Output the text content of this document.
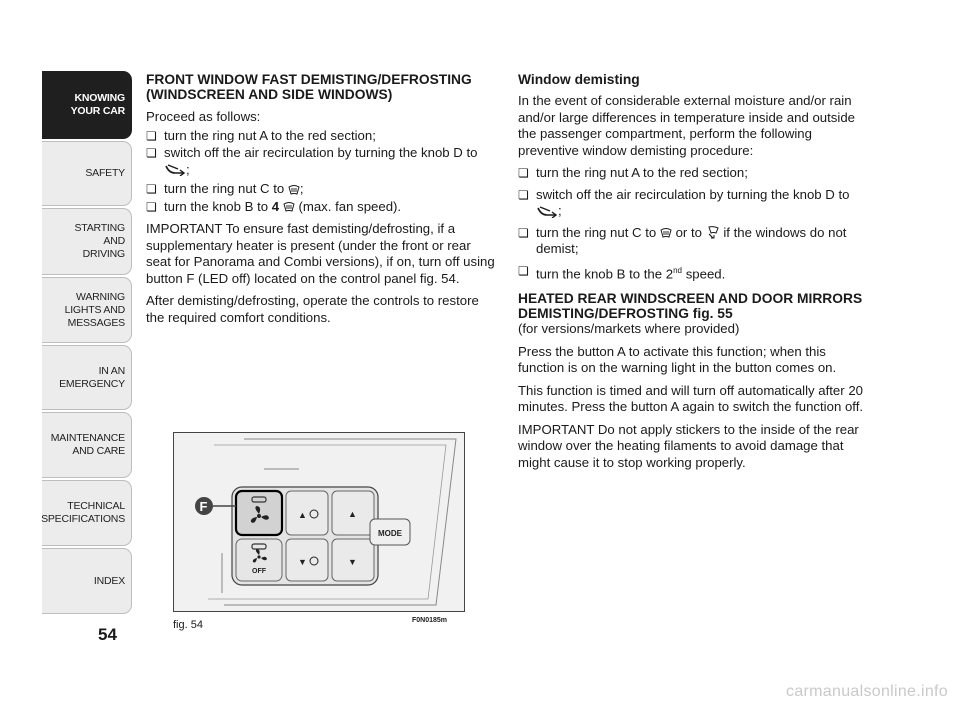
KNOWING
YOUR CAR
SAFETY
STARTING
AND
DRIVING
WARNING
LIGHTS AND
MESSAGES
IN AN
EMERGENCY
MAINTENANCE
AND CARE
TECHNICAL
SPECIFICATIONS
INDEX
54

FRONT WINDOW FAST DEMISTING/DEFROSTING (WINDSCREEN AND SIDE WINDOWS)

Proceed as follows:

❏ turn the ring nut A to the red section;
❏ switch off the air recirculation by turning the knob D to ;
❏ turn the ring nut C to ;
❏ turn the knob B to 4 (max. fan speed).

IMPORTANT To ensure fast demisting/defrosting, if a supplementary heater is present (under the front or rear seat for Panorama and Combi versions), if on, turn off using button F (LED off) located on the control panel fig. 54.

After demisting/defrosting, operate the controls to restore the required comfort conditions.

Window demisting

In the event of considerable external moisture and/or rain and/or large differences in temperature inside and outside the passenger compartment, perform the following preventive window demisting procedure:

❏ turn the ring nut A to the red section;
❏ switch off the air recirculation by turning the knob D to ;
❏ turn the ring nut C to or to if the windows do not demist;
❏ turn the knob B to the 2nd speed.

HEATED REAR WINDSCREEN AND DOOR MIRRORS DEMISTING/DEFROSTING fig. 55

(for versions/markets where provided)

Press the button A to activate this function; when this function is on the warning light in the button comes on.

This function is timed and will turn off automatically after 20 minutes. Press the button A again to switch the function off.

IMPORTANT Do not apply stickers to the inside of the rear window over the heating filaments to avoid damage that might cause it to stop working properly.

OFF
▲
▼
▲
▼
MODE
F
fig. 54	F0N0185m
carmanualsonline.info
